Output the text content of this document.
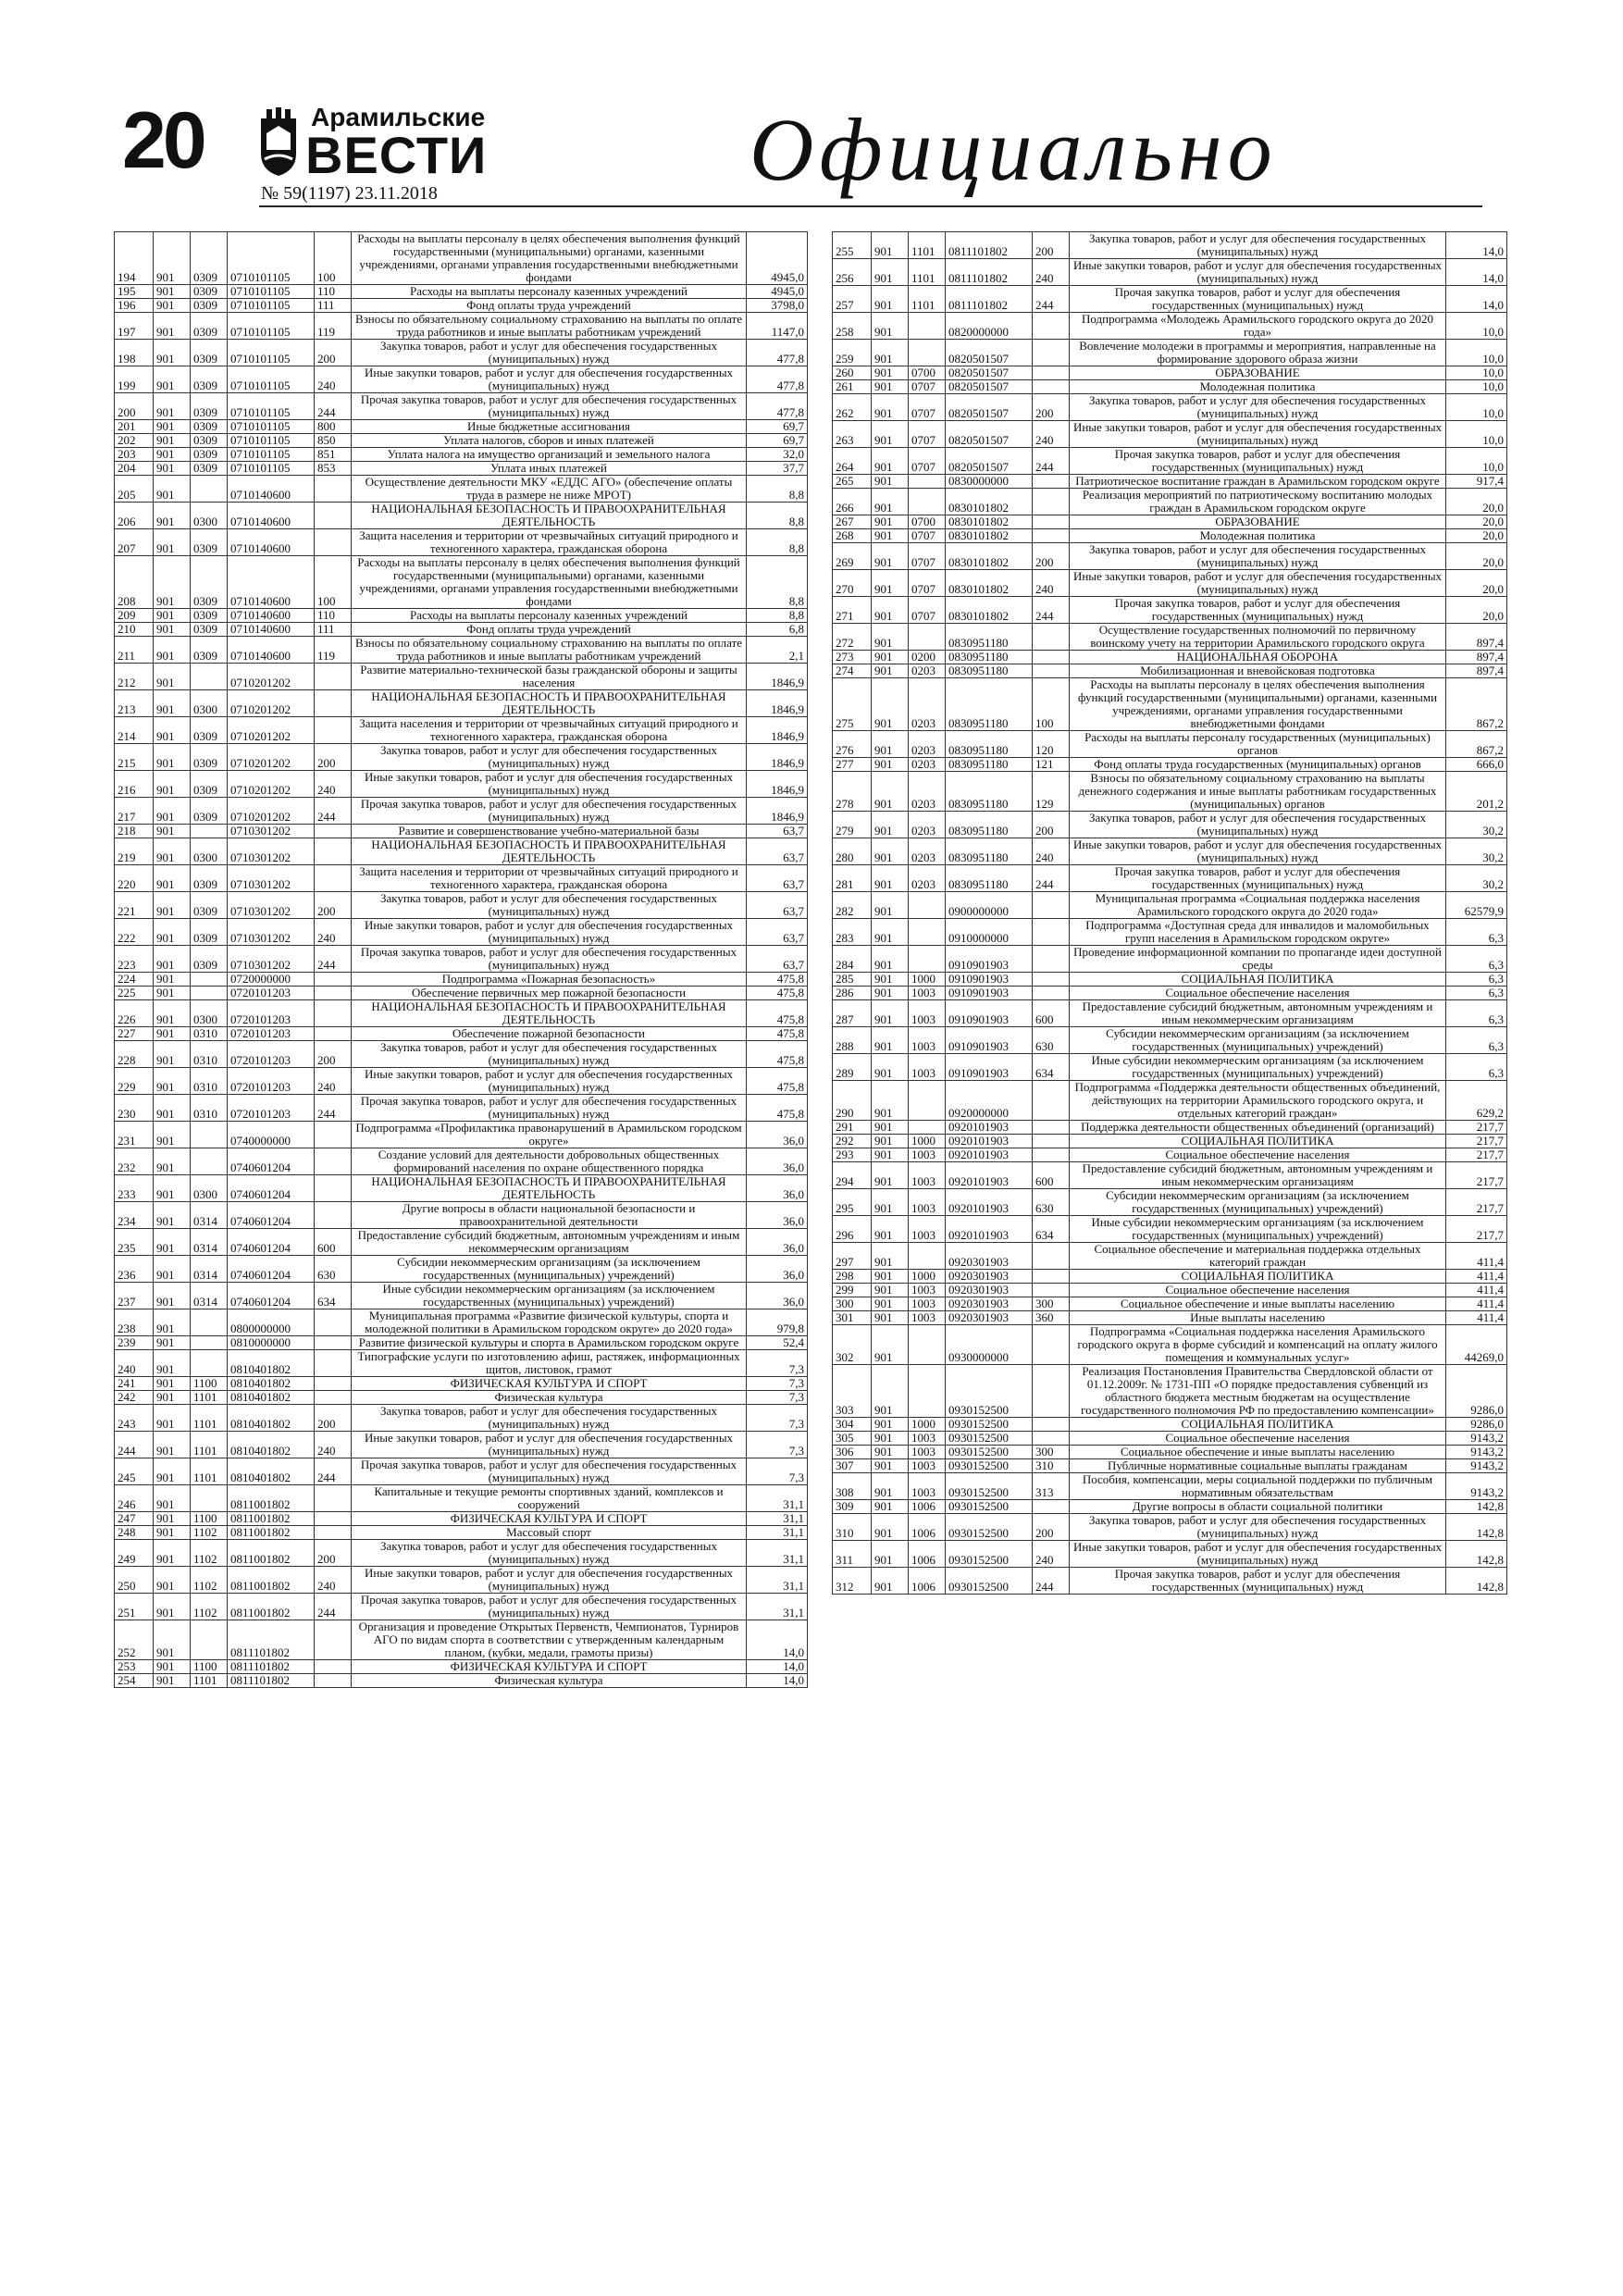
20	Арамильские
ВЕСТИ
№ 59(1197) 23.11.2018	Официально
194	901	0309	0710101105	100	Расходы на выплаты персоналу в целях обеспечения выполнения функций государственными (муниципальными) органами, казенными учреждениями, органами управления государственными внебюджетными фондами	4945,0
195	901	0309	0710101105	110	Расходы на выплаты персоналу казенных учреждений	4945,0
196	901	0309	0710101105	111	Фонд оплаты труда учреждений	3798,0
197	901	0309	0710101105	119	Взносы по обязательному социальному страхованию на выплаты по оплате труда работников и иные выплаты работникам учреждений	1147,0
198	901	0309	0710101105	200	Закупка товаров, работ и услуг для обеспечения государственных (муниципальных) нужд	477,8
199	901	0309	0710101105	240	Иные закупки товаров, работ и услуг для обеспечения государственных (муниципальных) нужд	477,8
200	901	0309	0710101105	244	Прочая закупка товаров, работ и услуг для обеспечения государственных (муниципальных) нужд	477,8
201	901	0309	0710101105	800	Иные бюджетные ассигнования	69,7
202	901	0309	0710101105	850	Уплата налогов, сборов и иных платежей	69,7
203	901	0309	0710101105	851	Уплата налога на имущество организаций и земельного налога	32,0
204	901	0309	0710101105	853	Уплата иных платежей	37,7
205	901		0710140600		Осуществление деятельности МКУ «ЕДДС АГО» (обеспечение оплаты труда в размере не ниже МРОТ)	8,8
206	901	0300	0710140600		НАЦИОНАЛЬНАЯ БЕЗОПАСНОСТЬ И ПРАВООХРАНИТЕЛЬНАЯ ДЕЯТЕЛЬНОСТЬ	8,8
207	901	0309	0710140600		Защита населения и территории от чрезвычайных ситуаций природного и техногенного характера, гражданская оборона	8,8
208	901	0309	0710140600	100	Расходы на выплаты персоналу в целях обеспечения выполнения функций государственными (муниципальными) органами, казенными учреждениями, органами управления государственными внебюджетными фондами	8,8
209	901	0309	0710140600	110	Расходы на выплаты персоналу казенных учреждений	8,8
210	901	0309	0710140600	111	Фонд оплаты труда учреждений	6,8
211	901	0309	0710140600	119	Взносы по обязательному социальному страхованию на выплаты по оплате труда работников и иные выплаты работникам учреждений	2,1
212	901		0710201202		Развитие материально-технической базы гражданской обороны и защиты населения	1846,9
213	901	0300	0710201202		НАЦИОНАЛЬНАЯ БЕЗОПАСНОСТЬ И ПРАВООХРАНИТЕЛЬНАЯ ДЕЯТЕЛЬНОСТЬ	1846,9
214	901	0309	0710201202		Защита населения и территории от чрезвычайных ситуаций природного и техногенного характера, гражданская оборона	1846,9
215	901	0309	0710201202	200	Закупка товаров, работ и услуг для обеспечения государственных (муниципальных) нужд	1846,9
216	901	0309	0710201202	240	Иные закупки товаров, работ и услуг для обеспечения государственных (муниципальных) нужд	1846,9
217	901	0309	0710201202	244	Прочая закупка товаров, работ и услуг для обеспечения государственных (муниципальных) нужд	1846,9
218	901		0710301202		Развитие и совершенствование учебно-материальной базы	63,7
219	901	0300	0710301202		НАЦИОНАЛЬНАЯ БЕЗОПАСНОСТЬ И ПРАВООХРАНИТЕЛЬНАЯ ДЕЯТЕЛЬНОСТЬ	63,7
220	901	0309	0710301202		Защита населения и территории от чрезвычайных ситуаций природного и техногенного характера, гражданская оборона	63,7
221	901	0309	0710301202	200	Закупка товаров, работ и услуг для обеспечения государственных (муниципальных) нужд	63,7
222	901	0309	0710301202	240	Иные закупки товаров, работ и услуг для обеспечения государственных (муниципальных) нужд	63,7
223	901	0309	0710301202	244	Прочая закупка товаров, работ и услуг для обеспечения государственных (муниципальных) нужд	63,7
224	901		0720000000		Подпрограмма «Пожарная безопасность»	475,8
225	901		0720101203		Обеспечение первичных мер пожарной безопасности	475,8
226	901	0300	0720101203		НАЦИОНАЛЬНАЯ БЕЗОПАСНОСТЬ И ПРАВООХРАНИТЕЛЬНАЯ ДЕЯТЕЛЬНОСТЬ	475,8
227	901	0310	0720101203		Обеспечение пожарной безопасности	475,8
228	901	0310	0720101203	200	Закупка товаров, работ и услуг для обеспечения государственных (муниципальных) нужд	475,8
229	901	0310	0720101203	240	Иные закупки товаров, работ и услуг для обеспечения государственных (муниципальных) нужд	475,8
230	901	0310	0720101203	244	Прочая закупка товаров, работ и услуг для обеспечения государственных (муниципальных) нужд	475,8
231	901		0740000000		Подпрограмма «Профилактика правонарушений в Арамильском городском округе»	36,0
232	901		0740601204		Создание условий для деятельности добровольных общественных формирований населения по охране общественного порядка	36,0
233	901	0300	0740601204		НАЦИОНАЛЬНАЯ БЕЗОПАСНОСТЬ И ПРАВООХРАНИТЕЛЬНАЯ ДЕЯТЕЛЬНОСТЬ	36,0
234	901	0314	0740601204		Другие вопросы в области национальной безопасности и правоохранительной деятельности	36,0
235	901	0314	0740601204	600	Предоставление субсидий бюджетным, автономным учреждениям и иным некоммерческим организациям	36,0
236	901	0314	0740601204	630	Субсидии некоммерческим организациям (за исключением государственных (муниципальных) учреждений)	36,0
237	901	0314	0740601204	634	Иные субсидии некоммерческим организациям (за исключением государственных (муниципальных) учреждений)	36,0
238	901		0800000000		Муниципальная программа «Развитие физической культуры, спорта и молодежной политики в Арамильском городском округе» до 2020 года»	979,8
239	901		0810000000		Развитие физической культуры и спорта в Арамильском городском округе	52,4
240	901		0810401802		Типографские услуги по изготовлению афиш, растяжек, информационных щитов, листовок, грамот	7,3
241	901	1100	0810401802		ФИЗИЧЕСКАЯ КУЛЬТУРА И СПОРТ	7,3
242	901	1101	0810401802		Физическая культура	7,3
243	901	1101	0810401802	200	Закупка товаров, работ и услуг для обеспечения государственных (муниципальных) нужд	7,3
244	901	1101	0810401802	240	Иные закупки товаров, работ и услуг для обеспечения государственных (муниципальных) нужд	7,3
245	901	1101	0810401802	244	Прочая закупка товаров, работ и услуг для обеспечения государственных (муниципальных) нужд	7,3
246	901		0811001802		Капитальные и текущие ремонты спортивных зданий, комплексов и сооружений	31,1
247	901	1100	0811001802		ФИЗИЧЕСКАЯ КУЛЬТУРА И СПОРТ	31,1
248	901	1102	0811001802		Массовый спорт	31,1
249	901	1102	0811001802	200	Закупка товаров, работ и услуг для обеспечения государственных (муниципальных) нужд	31,1
250	901	1102	0811001802	240	Иные закупки товаров, работ и услуг для обеспечения государственных (муниципальных) нужд	31,1
251	901	1102	0811001802	244	Прочая закупка товаров, работ и услуг для обеспечения государственных (муниципальных) нужд	31,1
252	901		0811101802		Организация и проведение Открытых Первенств, Чемпионатов, Турниров АГО по видам спорта в соответствии с утвержденным календарным планом, (кубки, медали, грамоты призы)	14,0
253	901	1100	0811101802		ФИЗИЧЕСКАЯ КУЛЬТУРА И СПОРТ	14,0
254	901	1101	0811101802		Физическая культура	14,0
255	901	1101	0811101802	200	Закупка товаров, работ и услуг для обеспечения государственных (муниципальных) нужд	14,0
256	901	1101	0811101802	240	Иные закупки товаров, работ и услуг для обеспечения государственных (муниципальных) нужд	14,0
257	901	1101	0811101802	244	Прочая закупка товаров, работ и услуг для обеспечения государственных (муниципальных) нужд	14,0
258	901		0820000000		Подпрограмма «Молодежь Арамильского городского округа до 2020 года»	10,0
259	901		0820501507		Вовлечение молодежи в программы и мероприятия, направленные на формирование здорового образа жизни	10,0
260	901	0700	0820501507		ОБРАЗОВАНИЕ	10,0
261	901	0707	0820501507		Молодежная политика	10,0
262	901	0707	0820501507	200	Закупка товаров, работ и услуг для обеспечения государственных (муниципальных) нужд	10,0
263	901	0707	0820501507	240	Иные закупки товаров, работ и услуг для обеспечения государственных (муниципальных) нужд	10,0
264	901	0707	0820501507	244	Прочая закупка товаров, работ и услуг для обеспечения государственных (муниципальных) нужд	10,0
265	901		0830000000		Патриотическое воспитание граждан в Арамильском городском округе	917,4
266	901		0830101802		Реализация мероприятий по патриотическому воспитанию молодых граждан в Арамильском городском округе	20,0
267	901	0700	0830101802		ОБРАЗОВАНИЕ	20,0
268	901	0707	0830101802		Молодежная политика	20,0
269	901	0707	0830101802	200	Закупка товаров, работ и услуг для обеспечения государственных (муниципальных) нужд	20,0
270	901	0707	0830101802	240	Иные закупки товаров, работ и услуг для обеспечения государственных (муниципальных) нужд	20,0
271	901	0707	0830101802	244	Прочая закупка товаров, работ и услуг для обеспечения государственных (муниципальных) нужд	20,0
272	901		0830951180		Осуществление государственных полномочий по первичному воинскому учету на территории Арамильского городского округа	897,4
273	901	0200	0830951180		НАЦИОНАЛЬНАЯ ОБОРОНА	897,4
274	901	0203	0830951180		Мобилизационная и вневойсковая подготовка	897,4
275	901	0203	0830951180	100	Расходы на выплаты персоналу в целях обеспечения выполнения функций государственными (муниципальными) органами, казенными учреждениями, органами управления государственными внебюджетными фондами	867,2
276	901	0203	0830951180	120	Расходы на выплаты персоналу государственных (муниципальных) органов	867,2
277	901	0203	0830951180	121	Фонд оплаты труда государственных (муниципальных) органов	666,0
278	901	0203	0830951180	129	Взносы по обязательному социальному страхованию на выплаты денежного содержания и иные выплаты работникам государственных (муниципальных) органов	201,2
279	901	0203	0830951180	200	Закупка товаров, работ и услуг для обеспечения государственных (муниципальных) нужд	30,2
280	901	0203	0830951180	240	Иные закупки товаров, работ и услуг для обеспечения государственных (муниципальных) нужд	30,2
281	901	0203	0830951180	244	Прочая закупка товаров, работ и услуг для обеспечения государственных (муниципальных) нужд	30,2
282	901		0900000000		Муниципальная программа «Социальная поддержка населения Арамильского городского округа до 2020 года»	62579,9
283	901		0910000000		Подпрограмма «Доступная среда для инвалидов и маломобильных групп населения в Арамильском городском округе»	6,3
284	901		0910901903		Проведение информационной компании по пропаганде идеи доступной среды	6,3
285	901	1000	0910901903		СОЦИАЛЬНАЯ ПОЛИТИКА	6,3
286	901	1003	0910901903		Социальное обеспечение населения	6,3
287	901	1003	0910901903	600	Предоставление субсидий бюджетным, автономным учреждениям и иным некоммерческим организациям	6,3
288	901	1003	0910901903	630	Субсидии некоммерческим организациям (за исключением государственных (муниципальных) учреждений)	6,3
289	901	1003	0910901903	634	Иные субсидии некоммерческим организациям (за исключением государственных (муниципальных) учреждений)	6,3
290	901		0920000000		Подпрограмма «Поддержка деятельности общественных объединений, действующих на территории Арамильского городского округа, и отдельных категорий граждан»	629,2
291	901		0920101903		Поддержка деятельности общественных объединений (организаций)	217,7
292	901	1000	0920101903		СОЦИАЛЬНАЯ ПОЛИТИКА	217,7
293	901	1003	0920101903		Социальное обеспечение населения	217,7
294	901	1003	0920101903	600	Предоставление субсидий бюджетным, автономным учреждениям и иным некоммерческим организациям	217,7
295	901	1003	0920101903	630	Субсидии некоммерческим организациям (за исключением государственных (муниципальных) учреждений)	217,7
296	901	1003	0920101903	634	Иные субсидии некоммерческим организациям (за исключением государственных (муниципальных) учреждений)	217,7
297	901		0920301903		Социальное обеспечение и материальная поддержка отдельных категорий граждан	411,4
298	901	1000	0920301903		СОЦИАЛЬНАЯ ПОЛИТИКА	411,4
299	901	1003	0920301903		Социальное обеспечение населения	411,4
300	901	1003	0920301903	300	Социальное обеспечение и иные выплаты населению	411,4
301	901	1003	0920301903	360	Иные выплаты населению	411,4
302	901		0930000000		Подпрограмма «Социальная поддержка населения Арамильского городского округа в форме субсидий и компенсаций на оплату жилого помещения и коммунальных услуг»	44269,0
303	901		0930152500		Реализация Постановления Правительства Свердловской области от 01.12.2009г. № 1731-ПП «О порядке предоставления субвенций из областного бюджета местным бюджетам на осуществление государственного полномочия РФ по предоставлению компенсации»	9286,0
304	901	1000	0930152500		СОЦИАЛЬНАЯ ПОЛИТИКА	9286,0
305	901	1003	0930152500		Социальное обеспечение населения	9143,2
306	901	1003	0930152500	300	Социальное обеспечение и иные выплаты населению	9143,2
307	901	1003	0930152500	310	Публичные нормативные социальные выплаты гражданам	9143,2
308	901	1003	0930152500	313	Пособия, компенсации, меры социальной поддержки по публичным нормативным обязательствам	9143,2
309	901	1006	0930152500		Другие вопросы в области социальной политики	142,8
310	901	1006	0930152500	200	Закупка товаров, работ и услуг для обеспечения государственных (муниципальных) нужд	142,8
311	901	1006	0930152500	240	Иные закупки товаров, работ и услуг для обеспечения государственных (муниципальных) нужд	142,8
312	901	1006	0930152500	244	Прочая закупка товаров, работ и услуг для обеспечения государственных (муниципальных) нужд	142,8
